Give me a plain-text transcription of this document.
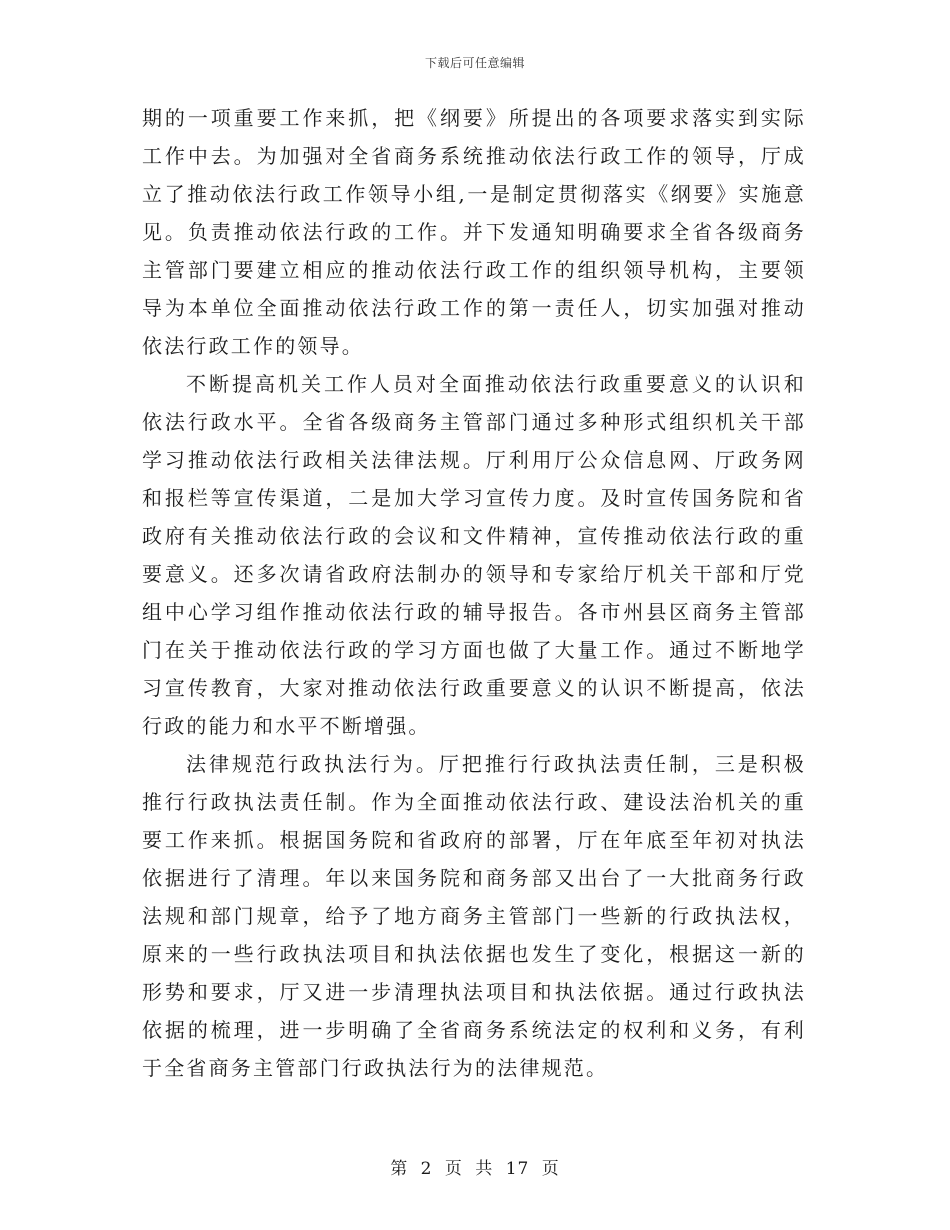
下载后可任意编辑

期的一项重要工作来抓，把《纲要》所提出的各项要求落实到实际工作中去。为加强对全省商务系统推动依法行政工作的领导，厅成立了推动依法行政工作领导小组,一是制定贯彻落实《纲要》实施意见。负责推动依法行政的工作。并下发通知明确要求全省各级商务主管部门要建立相应的推动依法行政工作的组织领导机构，主要领导为本单位全面推动依法行政工作的第一责任人，切实加强对推动依法行政工作的领导。

不断提高机关工作人员对全面推动依法行政重要意义的认识和依法行政水平。全省各级商务主管部门通过多种形式组织机关干部学习推动依法行政相关法律法规。厅利用厅公众信息网、厅政务网和报栏等宣传渠道，二是加大学习宣传力度。及时宣传国务院和省政府有关推动依法行政的会议和文件精神，宣传推动依法行政的重要意义。还多次请省政府法制办的领导和专家给厅机关干部和厅党组中心学习组作推动依法行政的辅导报告。各市州县区商务主管部门在关于推动依法行政的学习方面也做了大量工作。通过不断地学习宣传教育，大家对推动依法行政重要意义的认识不断提高，依法行政的能力和水平不断增强。

法律规范行政执法行为。厅把推行行政执法责任制，三是积极推行行政执法责任制。作为全面推动依法行政、建设法治机关的重要工作来抓。根据国务院和省政府的部署，厅在年底至年初对执法依据进行了清理。年以来国务院和商务部又出台了一大批商务行政法规和部门规章，给予了地方商务主管部门一些新的行政执法权，原来的一些行政执法项目和执法依据也发生了变化，根据这一新的形势和要求，厅又进一步清理执法项目和执法依据。通过行政执法依据的梳理，进一步明确了全省商务系统法定的权利和义务，有利于全省商务主管部门行政执法行为的法律规范。

第 2 页 共 17 页
